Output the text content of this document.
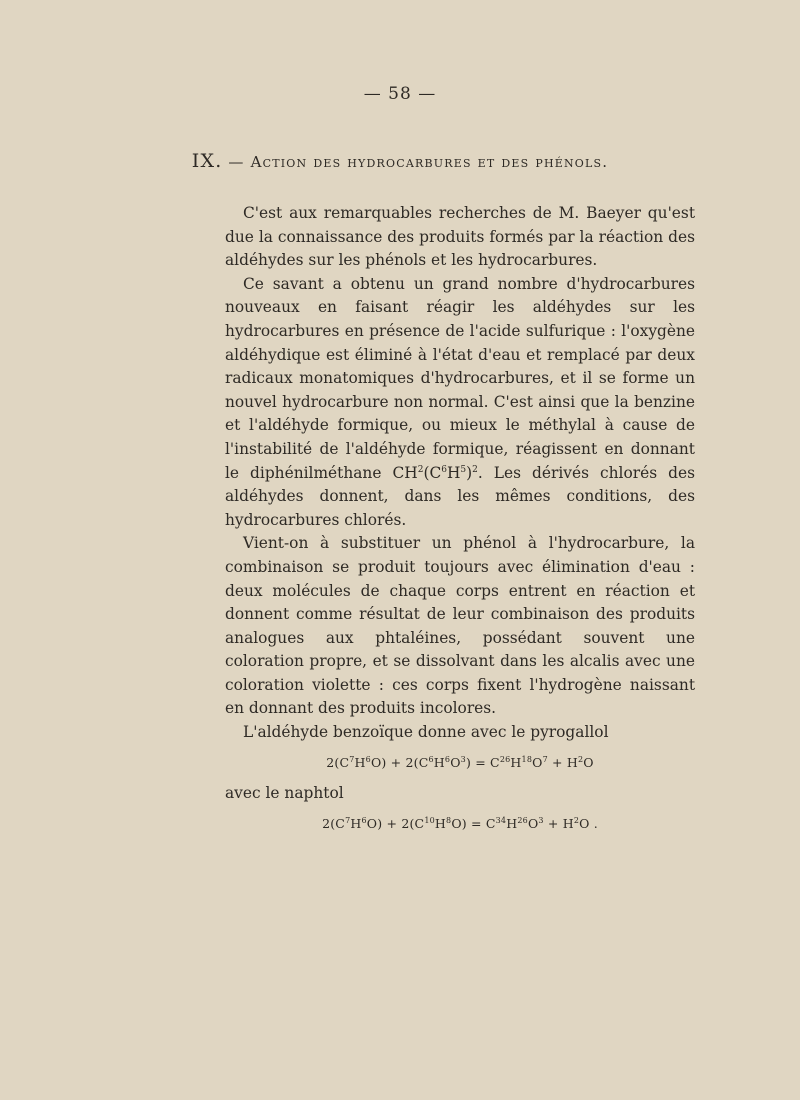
— 58 —
IX. — Action des hydrocarbures et des phénols.

C'est aux remarquables recherches de M. Baeyer qu'est due la connaissance des produits formés par la réaction des aldéhydes sur les phénols et les hydrocarbures.

Ce savant a obtenu un grand nombre d'hydrocarbures nouveaux en faisant réagir les aldéhydes sur les hydrocarbures en présence de l'acide sulfurique : l'oxygène aldéhydique est éliminé à l'état d'eau et remplacé par deux radicaux monatomiques d'hydrocarbures, et il se forme un nouvel hydrocarbure non normal. C'est ainsi que la benzine et l'aldéhyde formique, ou mieux le méthylal à cause de l'instabilité de l'aldéhyde formique, réagissent en donnant le diphénilméthane $CH^2(C^6H^5)^2$. Les dérivés chlorés des aldéhydes donnent, dans les mêmes conditions, des hydrocarbures chlorés.

Vient-on à substituer un phénol à l'hydrocarbure, la combinaison se produit toujours avec élimination d'eau : deux molécules de chaque corps entrent en réaction et donnent comme résultat de leur combinaison des produits analogues aux phtaléines, possédant souvent une coloration propre, et se dissolvant dans les alcalis avec une coloration violette : ces corps fixent l'hydrogène naissant en donnant des produits incolores.

L'aldéhyde benzoïque donne avec le pyrogallol

$2(C^7H^6O) + 2(C^6H^6O^3) = C^{26}H^{18}O^7 + H^2O$

avec le naphtol

$2(C^7H^6O) + 2(C^{10}H^8O) = C^{34}H^{26}O^3 + H^2O$ .
